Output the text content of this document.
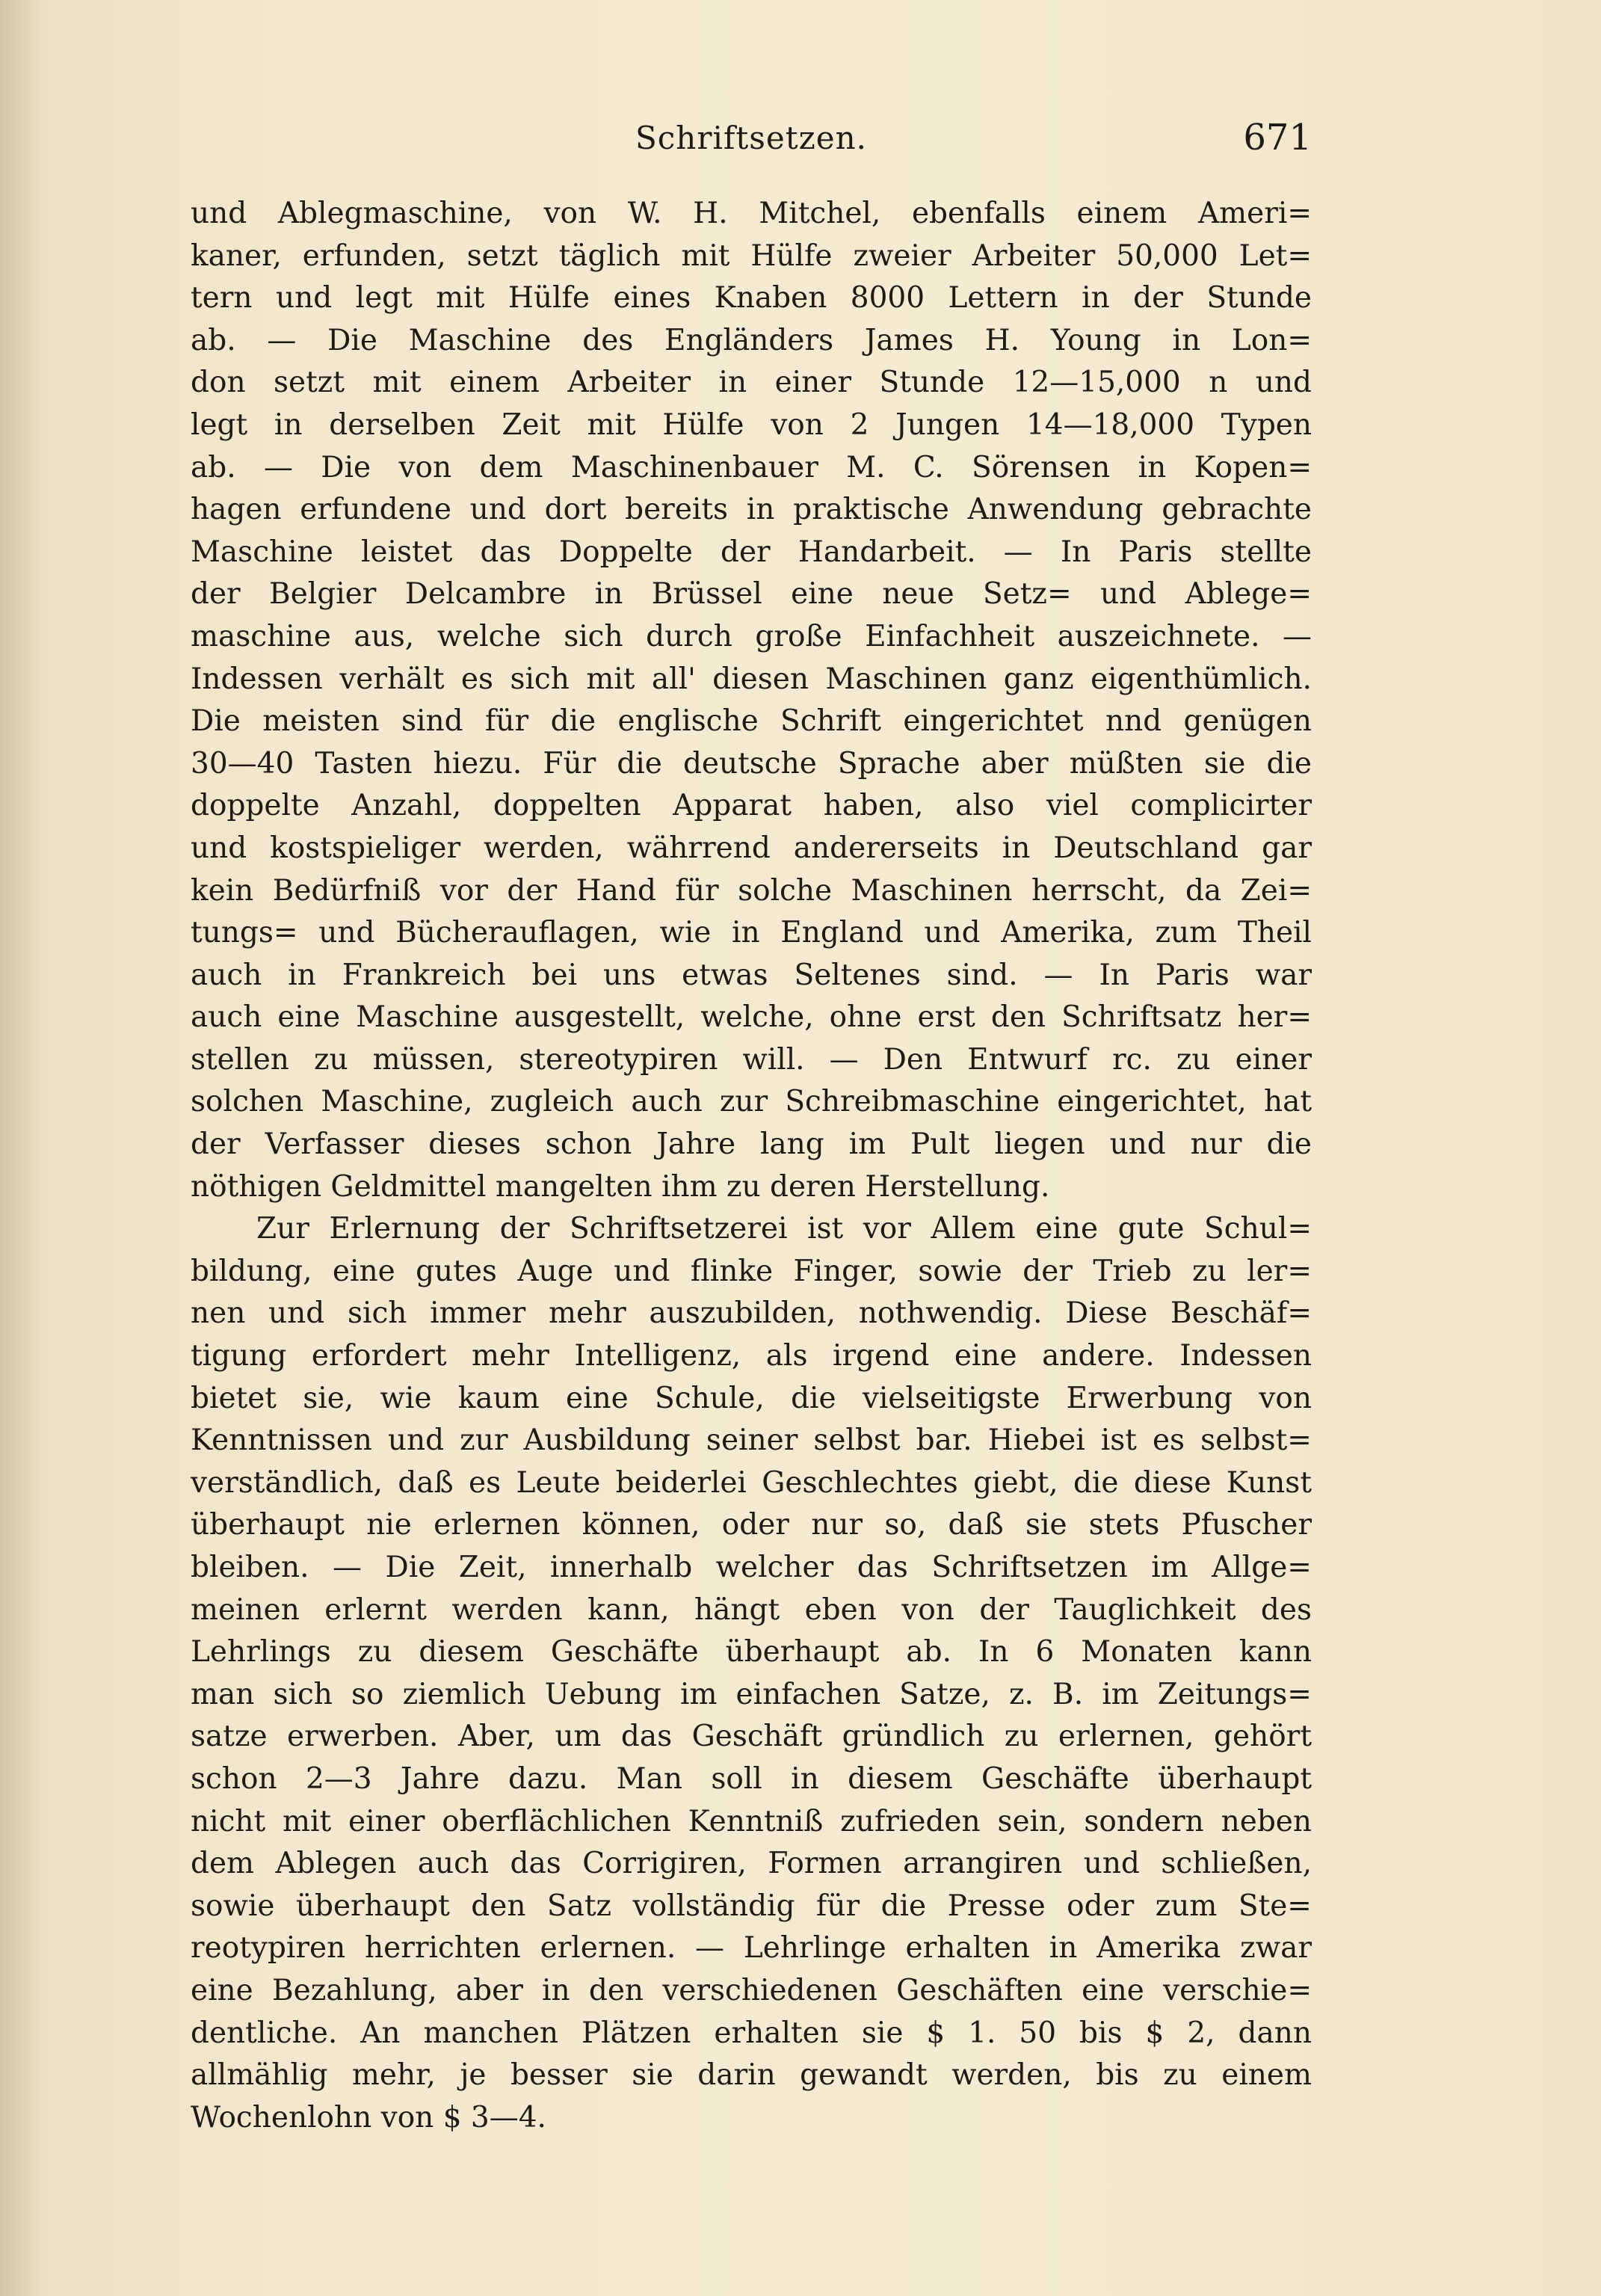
Schriftsetzen.	671
und Ablegmaschine, von W. H. Mitchel, ebenfalls einem Ameri=
kaner, erfunden, setzt täglich mit Hülfe zweier Arbeiter 50,000 Let=
tern und legt mit Hülfe eines Knaben 8000 Lettern in der Stunde
ab. — Die Maschine des Engländers James H. Young in Lon=
don setzt mit einem Arbeiter in einer Stunde 12—15,000 n und
legt in derselben Zeit mit Hülfe von 2 Jungen 14—18,000 Typen
ab. — Die von dem Maschinenbauer M. C. Sörensen in Kopen=
hagen erfundene und dort bereits in praktische Anwendung gebrachte
Maschine leistet das Doppelte der Handarbeit. — In Paris stellte
der Belgier Delcambre in Brüssel eine neue Setz= und Ablege=
maschine aus, welche sich durch große Einfachheit auszeichnete. —
Indessen verhält es sich mit all' diesen Maschinen ganz eigenthümlich.
Die meisten sind für die englische Schrift eingerichtet nnd genügen
30—40 Tasten hiezu. Für die deutsche Sprache aber müßten sie die
doppelte Anzahl, doppelten Apparat haben, also viel complicirter
und kostspieliger werden, währrend andererseits in Deutschland gar
kein Bedürfniß vor der Hand für solche Maschinen herrscht, da Zei=
tungs= und Bücherauflagen, wie in England und Amerika, zum Theil
auch in Frankreich bei uns etwas Seltenes sind. — In Paris war
auch eine Maschine ausgestellt, welche, ohne erst den Schriftsatz her=
stellen zu müssen, stereotypiren will. — Den Entwurf rc. zu einer
solchen Maschine, zugleich auch zur Schreibmaschine eingerichtet, hat
der Verfasser dieses schon Jahre lang im Pult liegen und nur die
nöthigen Geldmittel mangelten ihm zu deren Herstellung.
Zur Erlernung der Schriftsetzerei ist vor Allem eine gute Schul=
bildung, eine gutes Auge und flinke Finger, sowie der Trieb zu ler=
nen und sich immer mehr auszubilden, nothwendig. Diese Beschäf=
tigung erfordert mehr Intelligenz, als irgend eine andere. Indessen
bietet sie, wie kaum eine Schule, die vielseitigste Erwerbung von
Kenntnissen und zur Ausbildung seiner selbst bar. Hiebei ist es selbst=
verständlich, daß es Leute beiderlei Geschlechtes giebt, die diese Kunst
überhaupt nie erlernen können, oder nur so, daß sie stets Pfuscher
bleiben. — Die Zeit, innerhalb welcher das Schriftsetzen im Allge=
meinen erlernt werden kann, hängt eben von der Tauglichkeit des
Lehrlings zu diesem Geschäfte überhaupt ab. In 6 Monaten kann
man sich so ziemlich Uebung im einfachen Satze, z. B. im Zeitungs=
satze erwerben. Aber, um das Geschäft gründlich zu erlernen, gehört
schon 2—3 Jahre dazu. Man soll in diesem Geschäfte überhaupt
nicht mit einer oberflächlichen Kenntniß zufrieden sein, sondern neben
dem Ablegen auch das Corrigiren, Formen arrangiren und schließen,
sowie überhaupt den Satz vollständig für die Presse oder zum Ste=
reotypiren herrichten erlernen. — Lehrlinge erhalten in Amerika zwar
eine Bezahlung, aber in den verschiedenen Geschäften eine verschie=
dentliche. An manchen Plätzen erhalten sie $ 1. 50 bis $ 2, dann
allmählig mehr, je besser sie darin gewandt werden, bis zu einem
Wochenlohn von $ 3—4.
